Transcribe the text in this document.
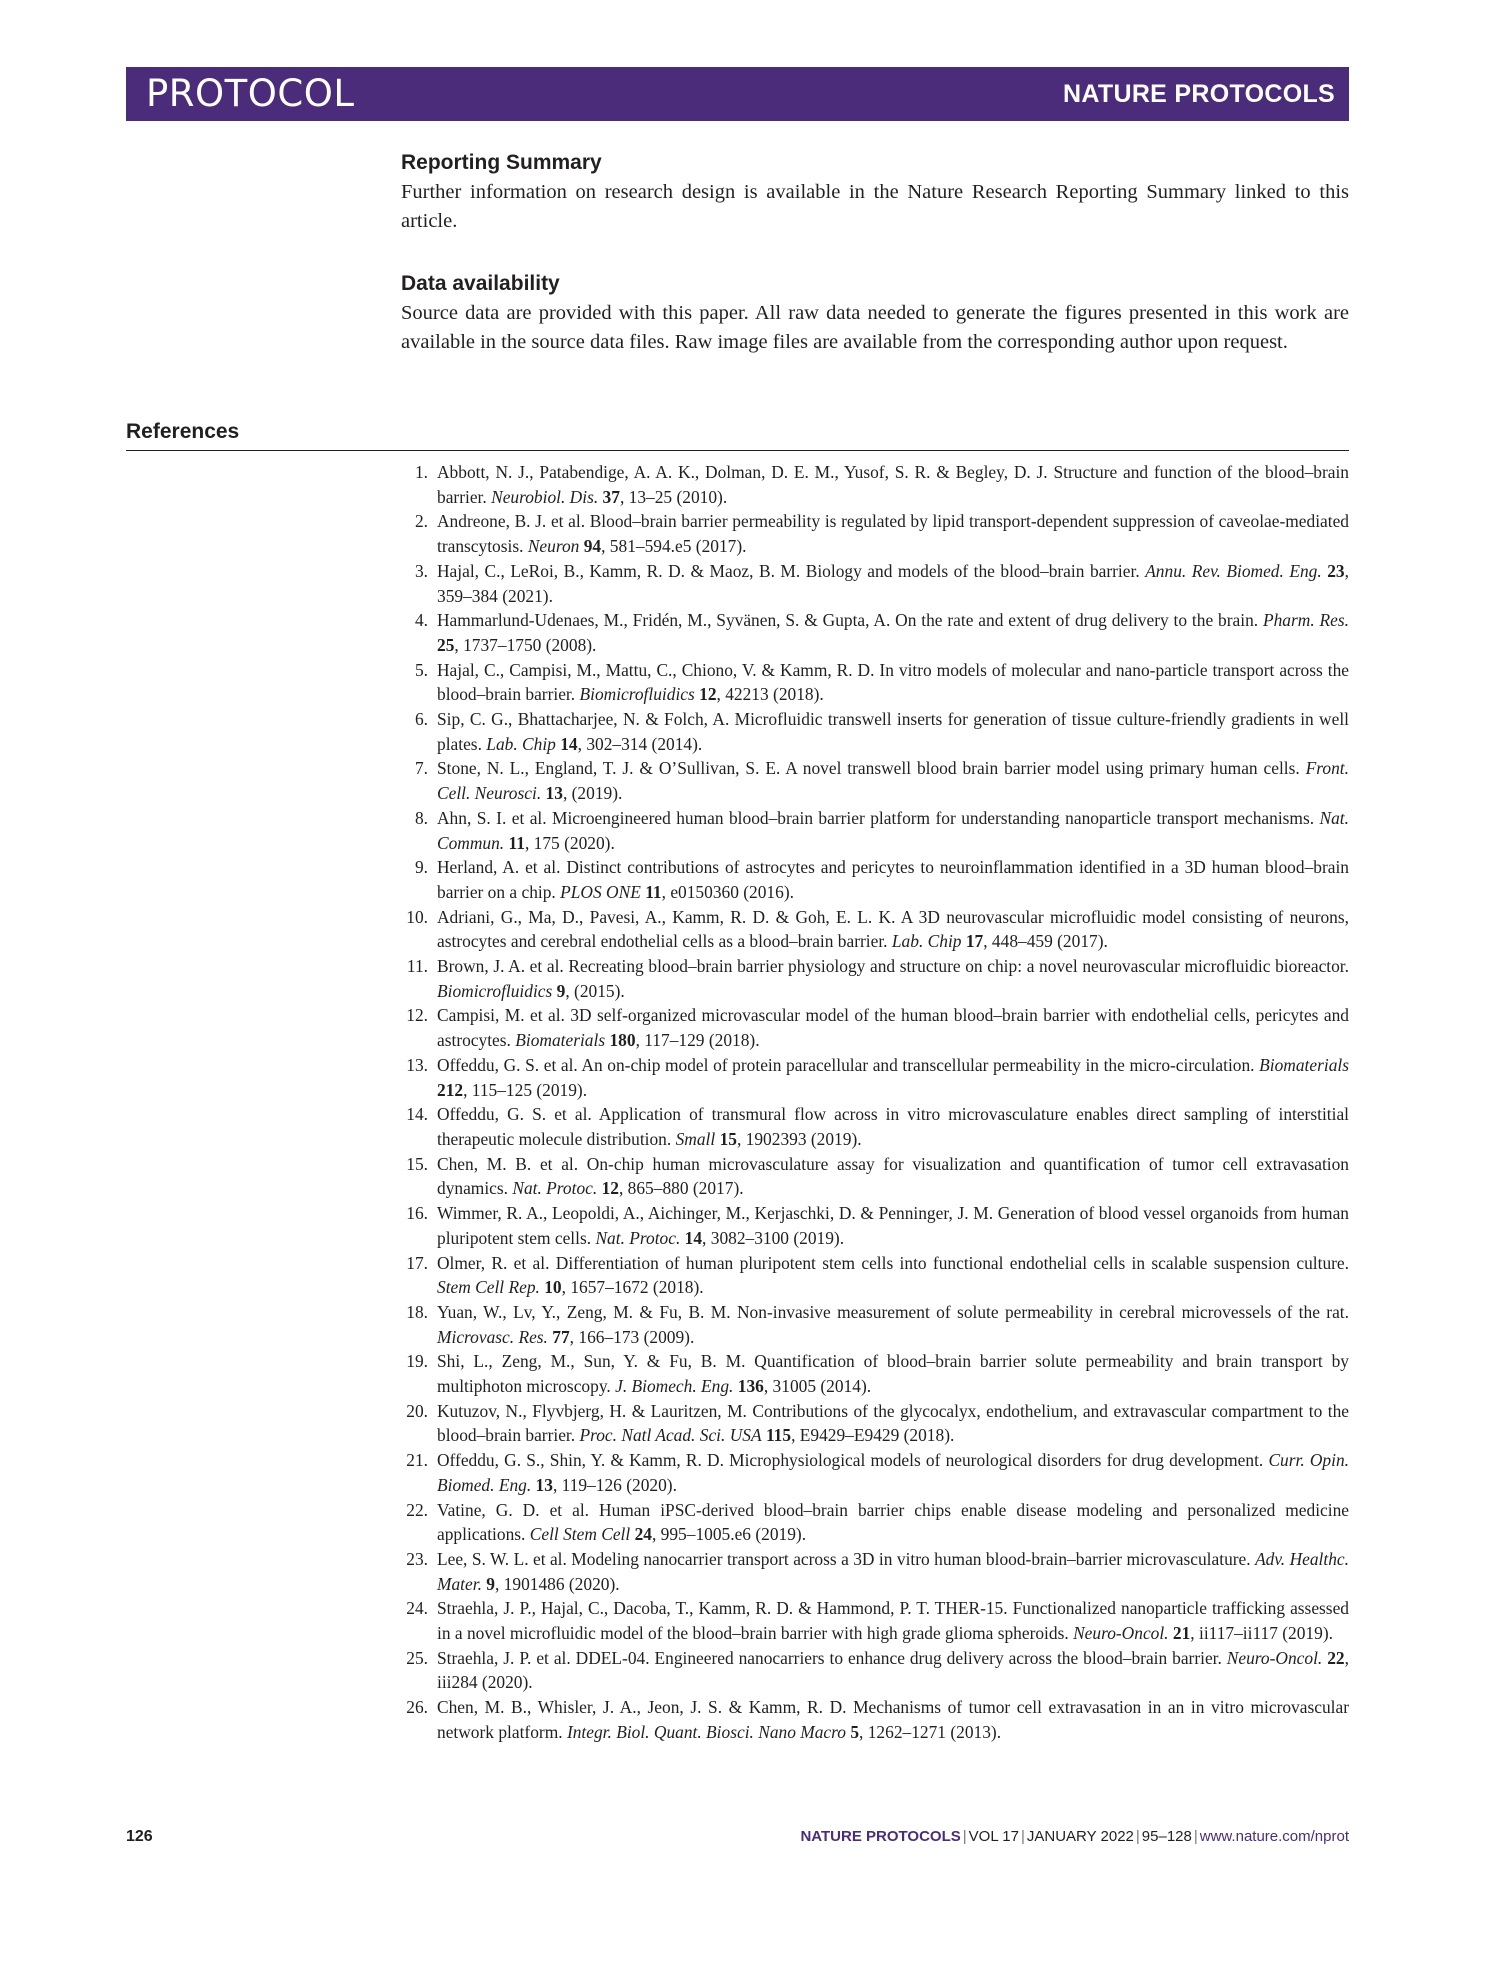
PROTOCOL	NATURE PROTOCOLS
Reporting Summary

Further information on research design is available in the Nature Research Reporting Summary linked to this article.

Data availability

Source data are provided with this paper. All raw data needed to generate the figures presented in this work are available in the source data files. Raw image files are available from the corresponding author upon request.

References
1. Abbott, N. J., Patabendige, A. A. K., Dolman, D. E. M., Yusof, S. R. & Begley, D. J. Structure and function of the blood–brain barrier. Neurobiol. Dis. 37, 13–25 (2010).
2. Andreone, B. J. et al. Blood–brain barrier permeability is regulated by lipid transport-dependent suppression of caveolae-mediated transcytosis. Neuron 94, 581–594.e5 (2017).
3. Hajal, C., LeRoi, B., Kamm, R. D. & Maoz, B. M. Biology and models of the blood–brain barrier. Annu. Rev. Biomed. Eng. 23, 359–384 (2021).
4. Hammarlund-Udenaes, M., Fridén, M., Syvänen, S. & Gupta, A. On the rate and extent of drug delivery to the brain. Pharm. Res. 25, 1737–1750 (2008).
5. Hajal, C., Campisi, M., Mattu, C., Chiono, V. & Kamm, R. D. In vitro models of molecular and nano-particle transport across the blood–brain barrier. Biomicrofluidics 12, 42213 (2018).
6. Sip, C. G., Bhattacharjee, N. & Folch, A. Microfluidic transwell inserts for generation of tissue culture-friendly gradients in well plates. Lab. Chip 14, 302–314 (2014).
7. Stone, N. L., England, T. J. & O’Sullivan, S. E. A novel transwell blood brain barrier model using primary human cells. Front. Cell. Neurosci. 13, (2019).
8. Ahn, S. I. et al. Microengineered human blood–brain barrier platform for understanding nanoparticle transport mechanisms. Nat. Commun. 11, 175 (2020).
9. Herland, A. et al. Distinct contributions of astrocytes and pericytes to neuroinflammation identified in a 3D human blood–brain barrier on a chip. PLOS ONE 11, e0150360 (2016).
10. Adriani, G., Ma, D., Pavesi, A., Kamm, R. D. & Goh, E. L. K. A 3D neurovascular microfluidic model consisting of neurons, astrocytes and cerebral endothelial cells as a blood–brain barrier. Lab. Chip 17, 448–459 (2017).
11. Brown, J. A. et al. Recreating blood–brain barrier physiology and structure on chip: a novel neurovascular microfluidic bioreactor. Biomicrofluidics 9, (2015).
12. Campisi, M. et al. 3D self-organized microvascular model of the human blood–brain barrier with endothelial cells, pericytes and astrocytes. Biomaterials 180, 117–129 (2018).
13. Offeddu, G. S. et al. An on-chip model of protein paracellular and transcellular permeability in the micro-circulation. Biomaterials 212, 115–125 (2019).
14. Offeddu, G. S. et al. Application of transmural flow across in vitro microvasculature enables direct sampling of interstitial therapeutic molecule distribution. Small 15, 1902393 (2019).
15. Chen, M. B. et al. On-chip human microvasculature assay for visualization and quantification of tumor cell extravasation dynamics. Nat. Protoc. 12, 865–880 (2017).
16. Wimmer, R. A., Leopoldi, A., Aichinger, M., Kerjaschki, D. & Penninger, J. M. Generation of blood vessel organoids from human pluripotent stem cells. Nat. Protoc. 14, 3082–3100 (2019).
17. Olmer, R. et al. Differentiation of human pluripotent stem cells into functional endothelial cells in scalable suspension culture. Stem Cell Rep. 10, 1657–1672 (2018).
18. Yuan, W., Lv, Y., Zeng, M. & Fu, B. M. Non-invasive measurement of solute permeability in cerebral microvessels of the rat. Microvasc. Res. 77, 166–173 (2009).
19. Shi, L., Zeng, M., Sun, Y. & Fu, B. M. Quantification of blood–brain barrier solute permeability and brain transport by multiphoton microscopy. J. Biomech. Eng. 136, 31005 (2014).
20. Kutuzov, N., Flyvbjerg, H. & Lauritzen, M. Contributions of the glycocalyx, endothelium, and extravascular compartment to the blood–brain barrier. Proc. Natl Acad. Sci. USA 115, E9429–E9429 (2018).
21. Offeddu, G. S., Shin, Y. & Kamm, R. D. Microphysiological models of neurological disorders for drug development. Curr. Opin. Biomed. Eng. 13, 119–126 (2020).
22. Vatine, G. D. et al. Human iPSC-derived blood–brain barrier chips enable disease modeling and personalized medicine applications. Cell Stem Cell 24, 995–1005.e6 (2019).
23. Lee, S. W. L. et al. Modeling nanocarrier transport across a 3D in vitro human blood-brain–barrier microvasculature. Adv. Healthc. Mater. 9, 1901486 (2020).
24. Straehla, J. P., Hajal, C., Dacoba, T., Kamm, R. D. & Hammond, P. T. THER-15. Functionalized nanoparticle trafficking assessed in a novel microfluidic model of the blood–brain barrier with high grade glioma spheroids. Neuro-Oncol. 21, ii117–ii117 (2019).
25. Straehla, J. P. et al. DDEL-04. Engineered nanocarriers to enhance drug delivery across the blood–brain barrier. Neuro-Oncol. 22, iii284 (2020).
26. Chen, M. B., Whisler, J. A., Jeon, J. S. & Kamm, R. D. Mechanisms of tumor cell extravasation in an in vitro microvascular network platform. Integr. Biol. Quant. Biosci. Nano Macro 5, 1262–1271 (2013).
126	NATURE PROTOCOLS | VOL 17 | JANUARY 2022 | 95–128 | www.nature.com/nprot
